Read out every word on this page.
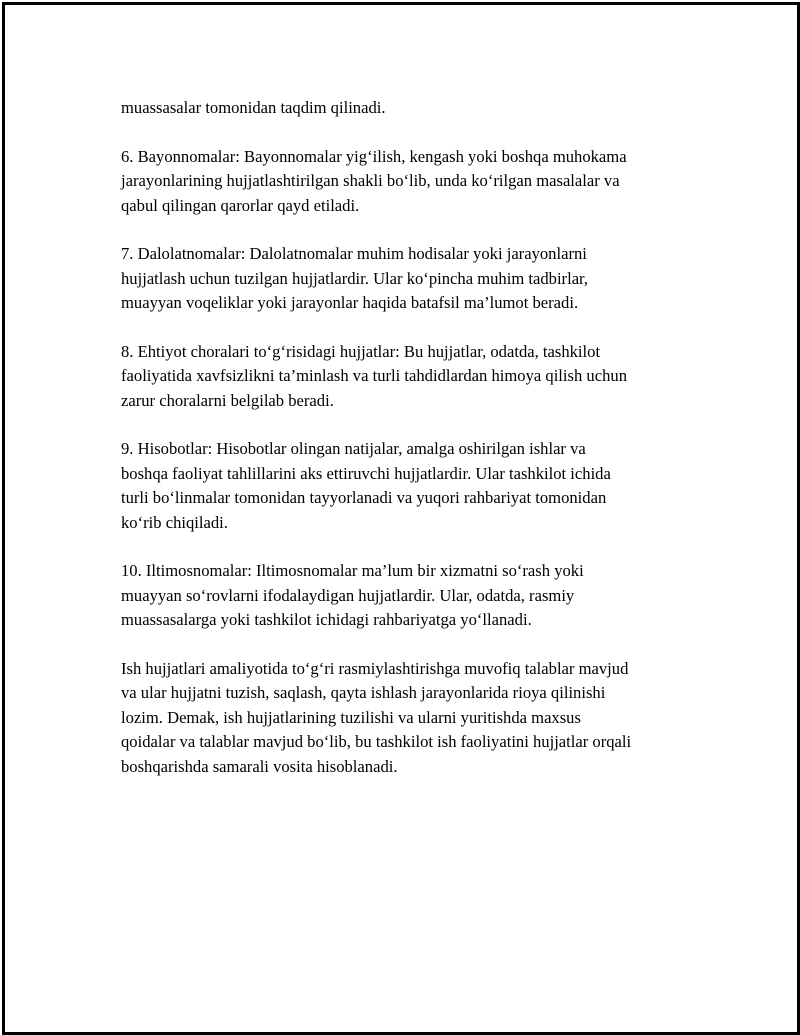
muassasalar tomonidan taqdim qilinadi.

6. Bayonnomalar: Bayonnomalar yig‘ilish, kengash yoki boshqa muhokama
jarayonlarining hujjatlashtirilgan shakli bo‘lib, unda ko‘rilgan masalalar va
qabul qilingan qarorlar qayd etiladi.

7. Dalolatnomalar: Dalolatnomalar muhim hodisalar yoki jarayonlarni
hujjatlash uchun tuzilgan hujjatlardir. Ular ko‘pincha muhim tadbirlar,
muayyan voqeliklar yoki jarayonlar haqida batafsil ma’lumot beradi.

8. Ehtiyot choralari to‘g‘risidagi hujjatlar: Bu hujjatlar, odatda, tashkilot
faoliyatida xavfsizlikni ta’minlash va turli tahdidlardan himoya qilish uchun
zarur choralarni belgilab beradi.

9. Hisobotlar: Hisobotlar olingan natijalar, amalga oshirilgan ishlar va
boshqa faoliyat tahlillarini aks ettiruvchi hujjatlardir. Ular tashkilot ichida
turli bo‘linmalar tomonidan tayyorlanadi va yuqori rahbariyat tomonidan
ko‘rib chiqiladi.

10. Iltimosnomalar: Iltimosnomalar ma’lum bir xizmatni so‘rash yoki
muayyan so‘rovlarni ifodalaydigan hujjatlardir. Ular, odatda, rasmiy
muassasalarga yoki tashkilot ichidagi rahbariyatga yo‘llanadi.

Ish hujjatlari amaliyotida to‘g‘ri rasmiylashtirishga muvofiq talablar mavjud
va ular hujjatni tuzish, saqlash, qayta ishlash jarayonlarida rioya qilinishi
lozim. Demak, ish hujjatlarining tuzilishi va ularni yuritishda maxsus
qoidalar va talablar mavjud bo‘lib, bu tashkilot ish faoliyatini hujjatlar orqali
boshqarishda samarali vosita hisoblanadi.
